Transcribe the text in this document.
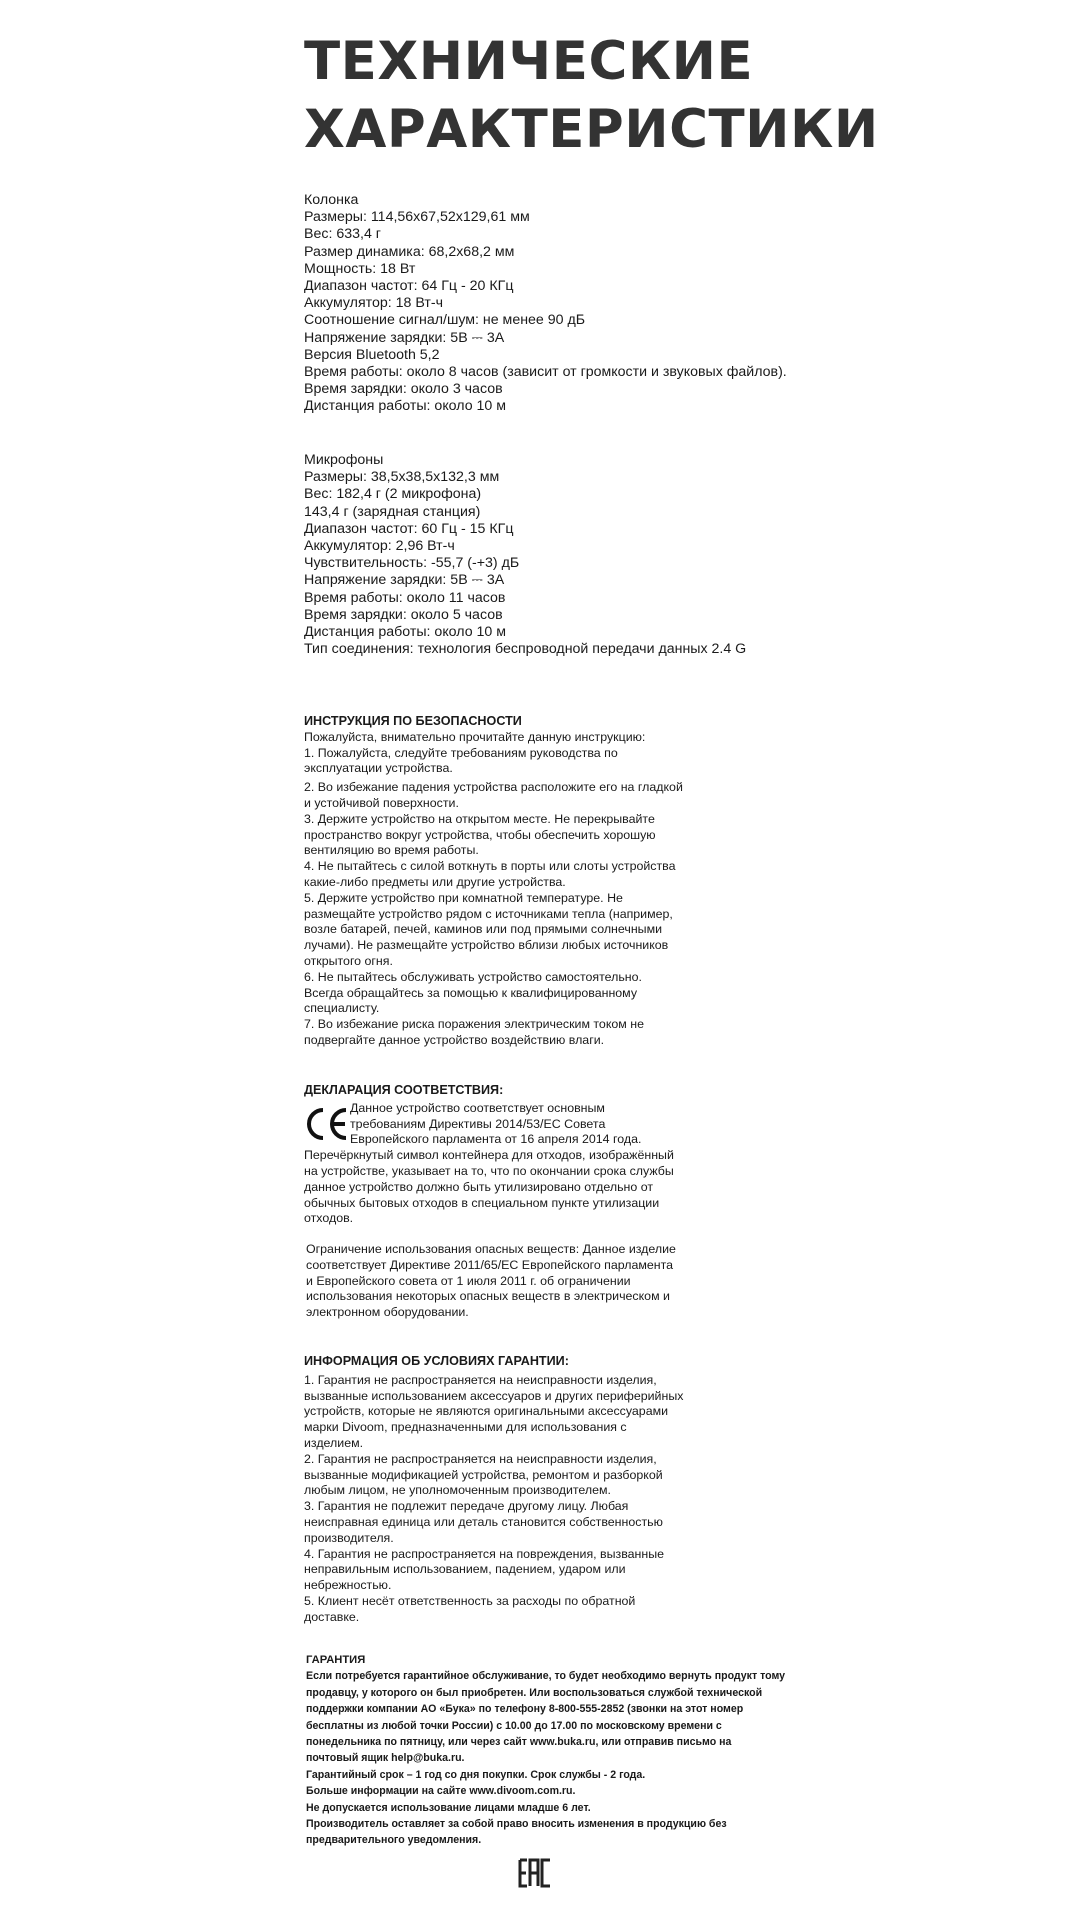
ТЕХНИЧЕСКИЕ
ХАРАКТЕРИСТИКИ
Колонка
Размеры: 114,56x67,52x129,61 мм
Вес: 633,4 г
Размер динамика: 68,2x68,2 мм
Мощность: 18 Вт
Диапазон частот: 64 Гц - 20 КГц
Аккумулятор: 18 Вт-ч
Соотношение сигнал/шум: не менее 90 дБ
Напряжение зарядки: 5В ⎓ 3А
Версия Bluetooth 5,2
Время работы: около 8 часов (зависит от громкости и звуковых файлов).
Время зарядки: около 3 часов
Дистанция работы: около 10 м
Микрофоны
Размеры: 38,5x38,5x132,3 мм
Вес: 182,4 г (2 микрофона)
143,4 г (зарядная станция)
Диапазон частот: 60 Гц - 15 КГц
Аккумулятор: 2,96 Вт-ч
Чувствительность: -55,7 (-+3) дБ
Напряжение зарядки: 5В ⎓ 3А
Время работы: около 11 часов
Время зарядки: около 5 часов
Дистанция работы: около 10 м
Тип соединения: технология беспроводной передачи данных 2.4 G

ИНСТРУКЦИЯ ПО БЕЗОПАСНОСТИ

Пожалуйста, внимательно прочитайте данную инструкцию:

1. Пожалуйста, следуйте требованиям руководства по эксплуатации устройства.

2. Во избежание падения устройства расположите его на гладкой и устойчивой поверхности.

3. Держите устройство на открытом месте. Не перекрывайте пространство вокруг устройства, чтобы обеспечить хорошую вентиляцию во время работы.

4. Не пытайтесь с силой воткнуть в порты или слоты устройства какие-либо предметы или другие устройства.

5. Держите устройство при комнатной температуре. Не размещайте устройство рядом с источниками тепла (например, возле батарей, печей, каминов или под прямыми солнечными лучами). Не размещайте устройство вблизи любых источников открытого огня.

6. Не пытайтесь обслуживать устройство самостоятельно. Всегда обращайтесь за помощью к квалифицированному специалисту.

7. Во избежание риска поражения электрическим током не подвергайте данное устройство воздействию влаги.

ДЕКЛАРАЦИЯ СООТВЕТСТВИЯ:

Данное устройство соответствует основным требованиям Директивы 2014/53/EC Совета Европейского парламента от 16 апреля 2014 года.

Перечёркнутый символ контейнера для отходов, изображённый на устройстве, указывает на то, что по окончании срока службы данное устройство должно быть утилизировано отдельно от обычных бытовых отходов в специальном пункте утилизации отходов.

Ограничение использования опасных веществ: Данное изделие соответствует Директиве 2011/65/EC Европейского парламента и Европейского совета от 1 июля 2011 г. об ограничении использования некоторых опасных веществ в электрическом и электронном оборудовании.

ИНФОРМАЦИЯ ОБ УСЛОВИЯХ ГАРАНТИИ:

1. Гарантия не распространяется на неисправности изделия, вызванные использованием аксессуаров и других периферийных устройств, которые не являются оригинальными аксессуарами марки Divoom, предназначенными для использования с изделием.

2. Гарантия не распространяется на неисправности изделия, вызванные модификацией устройства, ремонтом и разборкой любым лицом, не уполномоченным производителем.

3. Гарантия не подлежит передаче другому лицу. Любая неисправная единица или деталь становится собственностью производителя.

4. Гарантия не распространяется на повреждения, вызванные неправильным использованием, падением, ударом или небрежностью.

5. Клиент несёт ответственность за расходы по обратной доставке.

ГАРАНТИЯ

Если потребуется гарантийное обслуживание, то будет необходимо вернуть продукт тому продавцу, у которого он был приобретен. Или воспользоваться службой технической поддержки компании АО «Бука» по телефону 8-800-555-2852 (звонки на этот номер бесплатны из любой точки России) с 10.00 до 17.00 по московскому времени с понедельника по пятницу, или через сайт www.buka.ru, или отправив письмо на почтовый ящик help@buka.ru.

Гарантийный срок – 1 год со дня покупки. Срок службы - 2 года.

Больше информации на сайте www.divoom.com.ru.

Не допускается использование лицами младше 6 лет.

Производитель оставляет за собой право вносить изменения в продукцию без предварительного уведомления.
